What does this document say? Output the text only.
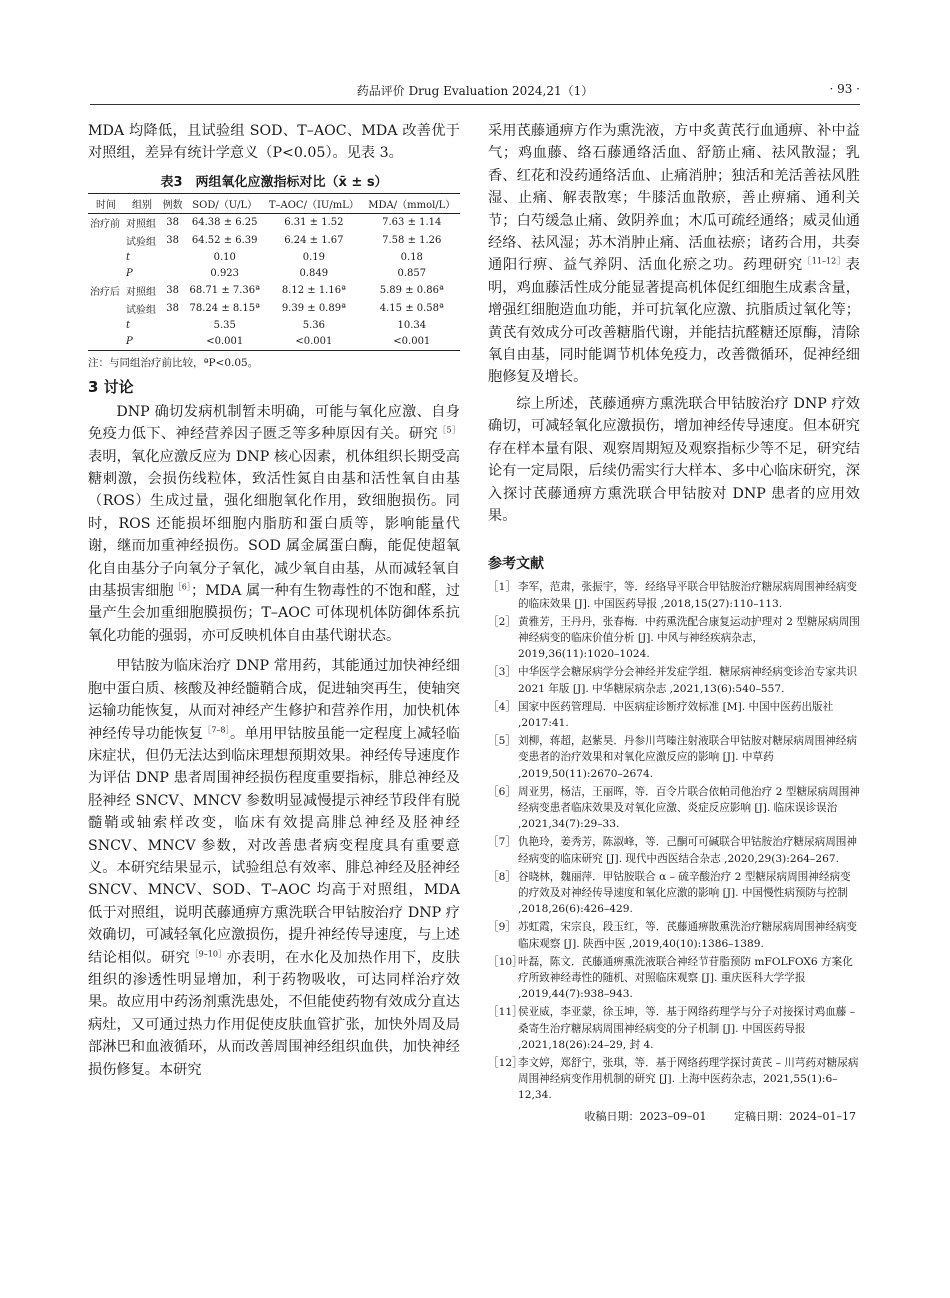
药品评价 Drug Evaluation 2024,21（1）	· 93 ·

MDA 均降低，且试验组 SOD、T–AOC、MDA 改善优于对照组，差异有统计学意义（P<0.05）。见表 3。

表3　两组氧化应激指标对比（x̄ ± s）
时间	组别	例数	SOD/（U/L）	T–AOC/（IU/mL）	MDA/（mmol/L）
治疗前	对照组	38	64.38 ± 6.25	6.31 ± 1.52	7.63 ± 1.14
	试验组	38	64.52 ± 6.39	6.24 ± 1.67	7.58 ± 1.26
	t		0.10	0.19	0.18
	P		0.923	0.849	0.857
治疗后	对照组	38	68.71 ± 7.36ª	8.12 ± 1.16ª	5.89 ± 0.86ª
	试验组	38	78.24 ± 8.15ª	9.39 ± 0.89ª	4.15 ± 0.58ª
	t		5.35	5.36	10.34
	P		<0.001	<0.001	<0.001
注：与同组治疗前比较，ªP<0.05。
3 讨论

DNP 确切发病机制暂未明确，可能与氧化应激、自身免疫力低下、神经营养因子匮乏等多种原因有关。研究$^{[5]}$表明，氧化应激反应为 DNP 核心因素，机体组织长期受高糖刺激，会损伤线粒体，致活性氮自由基和活性氧自由基（ROS）生成过量，强化细胞氧化作用，致细胞损伤。同时，ROS 还能损坏细胞内脂肪和蛋白质等，影响能量代谢，继而加重神经损伤。SOD 属金属蛋白酶，能促使超氧化自由基分子向氧分子氧化，减少氧自由基，从而减轻氧自由基损害细胞$^{[6]}$；MDA 属一种有生物毒性的不饱和醛，过量产生会加重细胞膜损伤；T–AOC 可体现机体防御体系抗氧化功能的强弱，亦可反映机体自由基代谢状态。

甲钴胺为临床治疗 DNP 常用药，其能通过加快神经细胞中蛋白质、核酸及神经髓鞘合成，促进轴突再生，使轴突运输功能恢复，从而对神经产生修护和营养作用，加快机体神经传导功能恢复$^{[7-8]}$。单用甲钴胺虽能一定程度上减轻临床症状，但仍无法达到临床理想预期效果。神经传导速度作为评估 DNP 患者周围神经损伤程度重要指标，腓总神经及胫神经 SNCV、MNCV 参数明显减慢提示神经节段伴有脱髓鞘或轴索样改变，临床有效提高腓总神经及胫神经 SNCV、MNCV 参数，对改善患者病变程度具有重要意义。本研究结果显示，试验组总有效率、腓总神经及胫神经 SNCV、MNCV、SOD、T–AOC 均高于对照组，MDA 低于对照组，说明芪藤通痹方熏洗联合甲钴胺治疗 DNP 疗效确切，可减轻氧化应激损伤，提升神经传导速度，与上述结论相似。研究$^{[9-10]}$亦表明，在水化及加热作用下，皮肤组织的渗透性明显增加，利于药物吸收，可达同样治疗效果。故应用中药汤剂熏洗患处，不但能使药物有效成分直达病灶，又可通过热力作用促使皮肤血管扩张，加快外周及局部淋巴和血液循环，从而改善周围神经组织血供，加快神经损伤修复。本研究

采用芪藤通痹方作为熏洗液，方中炙黄芪行血通痹、补中益气；鸡血藤、络石藤通络活血、舒筋止痛、祛风散湿；乳香、红花和没药通络活血、止痛消肿；独活和羌活善祛风胜湿、止痛、解表散寒；牛膝活血散瘀，善止痹痛、通利关节；白芍缓急止痛、敛阴养血；木瓜可疏经通络；威灵仙通经络、祛风湿；苏木消肿止痛、活血祛瘀；诸药合用，共奏通阳行痹、益气养阴、活血化瘀之功。药理研究$^{[11-12]}$表明，鸡血藤活性成分能显著提高机体促红细胞生成素含量，增强红细胞造血功能，并可抗氧化应激、抗脂质过氧化等；黄芪有效成分可改善糖脂代谢，并能拮抗醛糖还原酶，清除氧自由基，同时能调节机体免疫力，改善微循环，促神经细胞修复及增长。

综上所述，芪藤通痹方熏洗联合甲钴胺治疗 DNP 疗效确切，可减轻氧化应激损伤，增加神经传导速度。但本研究存在样本量有限、观察周期短及观察指标少等不足，研究结论有一定局限，后续仍需实行大样本、多中心临床研究，深入探讨芪藤通痹方熏洗联合甲钴胺对 DNP 患者的应用效果。

参考文献
［1］ 李军，范肃，张振宇，等．经络导平联合甲钴胺治疗糖尿病周围神经病变的临床效果 [J]. 中国医药导报 ,2018,15(27):110–113.
［2］ 黄雅芳，王丹丹，张春梅．中药熏洗配合康复运动护理对 2 型糖尿病周围神经病变的临床价值分析 [J]. 中风与神经疾病杂志，2019,36(11):1020–1024.
［3］ 中华医学会糖尿病学分会神经并发症学组．糖尿病神经病变诊治专家共识 2021 年版 [J]. 中华糖尿病杂志 ,2021,13(6):540–557.
［4］ 国家中医药管理局．中医病症诊断疗效标准 [M]. 中国中医药出版社 ,2017:41.
［5］ 刘柳，蒋超，赵紫昊．丹参川芎嗪注射液联合甲钴胺对糖尿病周围神经病变患者的治疗效果和对氧化应激反应的影响 [J]. 中草药 ,2019,50(11):2670–2674.
［6］ 周亚男，杨洁，王丽晖，等．百令片联合依帕司他治疗 2 型糖尿病周围神经病变患者临床效果及对氧化应激、炎症反应影响 [J]. 临床误诊误治 ,2021,34(7):29–33.
［7］ 仇艳玲，姜秀芳，陈淑峰，等．己酮可可碱联合甲钴胺治疗糖尿病周围神经病变的临床研究 [J]. 现代中西医结合杂志 ,2020,29(3):264–267.
［8］ 谷晓林，魏丽萍．甲钴胺联合 α – 硫辛酸治疗 2 型糖尿病周围神经病变的疗效及对神经传导速度和氧化应激的影响 [J]. 中国慢性病预防与控制 ,2018,26(6):426–429.
［9］ 苏虹霞，宋宗良，段玉红，等．芪藤通痹散熏洗治疗糖尿病周围神经病变临床观察 [J]. 陕西中医 ,2019,40(10):1386–1389.
［10］
叶磊，陈文．芪藤通痹熏洗液联合神经节苷脂预防 mFOLFOX6 方案化疗所致神经毒性的随机、对照临床观察 [J]. 重庆医科大学学报 ,2019,44(7):938–943.
［11］
侯亚威，李亚蒙，徐玉坤，等．基于网络药理学与分子对接探讨鸡血藤 – 桑寄生治疗糖尿病周围神经病变的分子机制 [J]. 中国医药导报 ,2021,18(26):24–29, 封 4.
［12］
李文婷，郑舒宁，张琪，等．基于网络药理学探讨黄芪 – 川芎药对糖尿病周围神经病变作用机制的研究 [J]. 上海中医药杂志，2021,55(1):6–12,34.
收稿日期：2023–09–01	定稿日期：2024–01–17
